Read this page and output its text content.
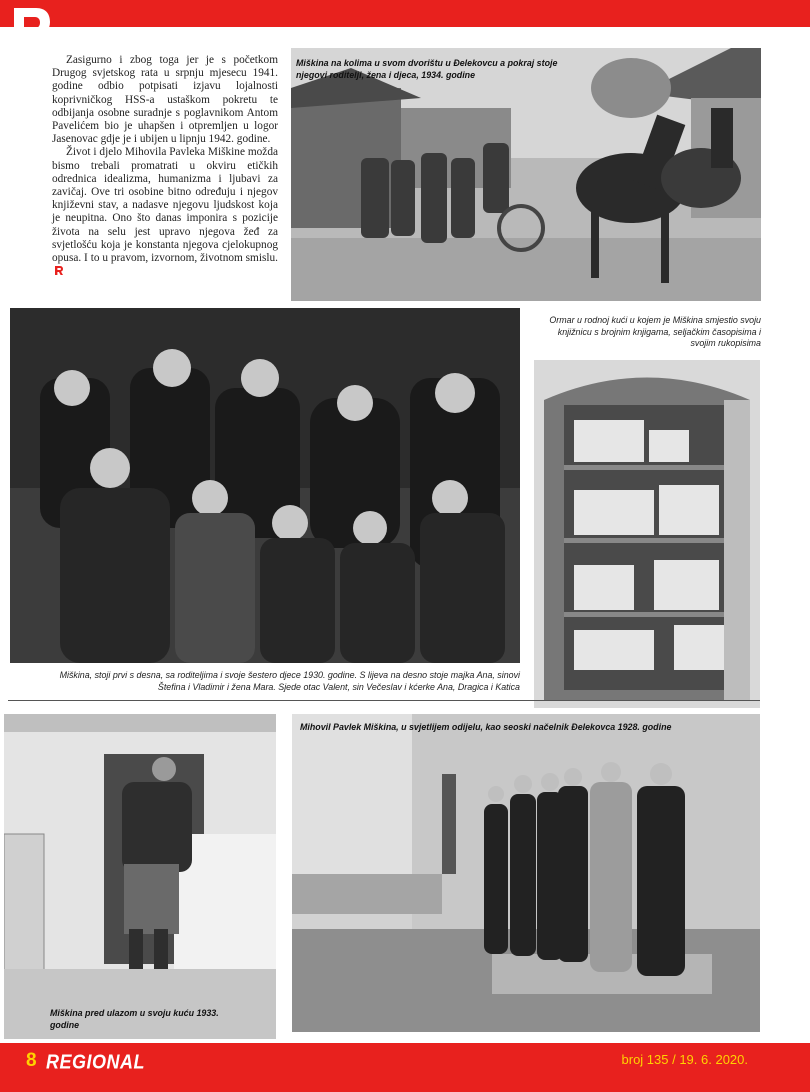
Zasigurno i zbog toga jer je s početkom Drugog svjetskog rata u srpnju mjesecu 1941. godine odbio potpisati izjavu lojalnosti koprivničkog HSS-a ustaškom pokretu te odbijanja osobne suradnje s poglavnikom Antom Pavelićem bio je uhapšen i otpremljen u logor Jasenovac gdje je i ubijen u lipnju 1942. godine.

Život i djelo Mihovila Pavleka Miškine možda bismo trebali promatrati u okviru etičkih odrednica idealizma, humanizma i ljubavi za zavičaj. Ove tri osobine bitno određuju i njegov književni stav, a nadasve njegovu ljudskost koja je neupitna. Ono što danas imponira s pozicije života na selu jest upravo njegova žeđ za svjetlošću koja je konstanta njegova cjelokupnog opusa. I to u pravom, izvornom, životnom smislu.

Miškina na kolima u svom dvorištu u Đelekovcu a pokraj stoje njegovi roditelji, žena i djeca, 1934. godine
Ormar u rodnoj kući u kojem je Miškina smjestio svoju knjižnicu s brojnim knjigama, seljačkim časopisima i svojim rukopisima
Miškina, stoji prvi s desna, sa roditeljima i svoje šestero djece 1930. godine. S lijeva na desno stoje majka Ana, sinovi Štefina i Vladimir i žena Mara. Sjede otac Valent, sin Večeslav i kćerke Ana, Dragica i Katica
Miškina pred ulazom u svoju kuću 1933. godine
Mihovil Pavlek Miškina, u svjetlijem odijelu, kao seoski načelnik Đelekovca 1928. godine
8 REGIONAL	broj 135 / 19. 6. 2020.
